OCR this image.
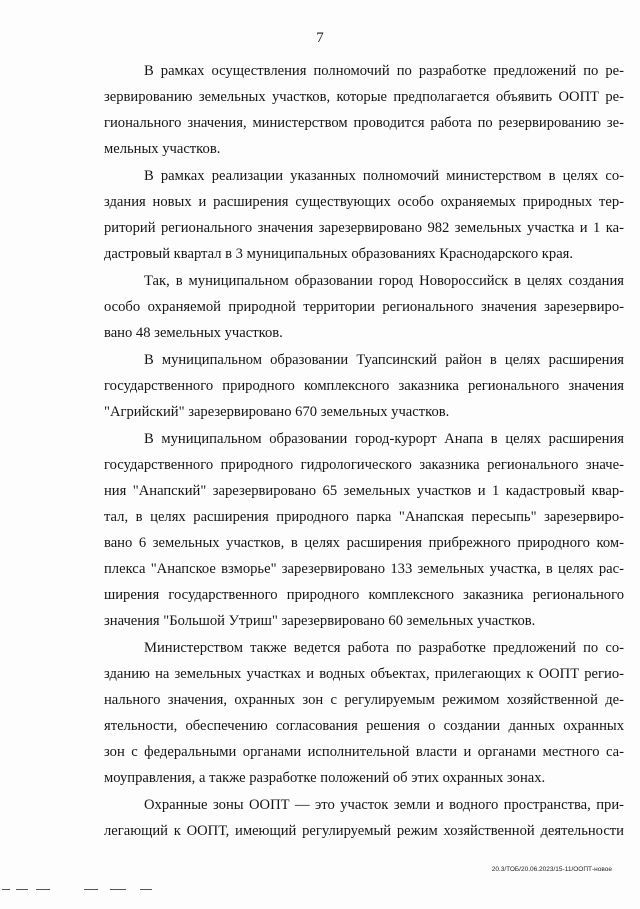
7
В рамках осуществления полномочий по разработке предложений по ре-
зервированию земельных участков, которые предполагается объявить ООПТ ре-
гионального значения, министерством проводится работа по резервированию зе-
мельных участков.
В рамках реализации указанных полномочий министерством в целях со-
здания новых и расширения существующих особо охраняемых природных тер-
риторий регионального значения зарезервировано 982 земельных участка и 1 ка-
дастровый квартал в 3 муниципальных образованиях Краснодарского края.
Так, в муниципальном образовании город Новороссийск в целях создания
особо охраняемой природной территории регионального значения зарезервиро-
вано 48 земельных участков.
В муниципальном образовании Туапсинский район в целях расширения
государственного природного комплексного заказника регионального значения
"Агрийский" зарезервировано 670 земельных участков.
В муниципальном образовании город-курорт Анапа в целях расширения
государственного природного гидрологического заказника регионального значе-
ния "Анапский" зарезервировано 65 земельных участков и 1 кадастровый квар-
тал, в целях расширения природного парка "Анапская пересыпь" зарезервиро-
вано 6 земельных участков, в целях расширения прибрежного природного ком-
плекса "Анапское взморье" зарезервировано 133 земельных участка, в целях рас-
ширения государственного природного комплексного заказника регионального
значения "Большой Утриш" зарезервировано 60 земельных участков.
Министерством также ведется работа по разработке предложений по со-
зданию на земельных участках и водных объектах, прилегающих к ООПТ регио-
нального значения, охранных зон с регулируемым режимом хозяйственной де-
ятельности, обеспечению согласования решения о создании данных охранных
зон с федеральными органами исполнительной власти и органами местного са-
моуправления, а также разработке положений об этих охранных зонах.
Охранные зоны ООПТ — это участок земли и водного пространства, при-
легающий к ООПТ, имеющий регулируемый режим хозяйственной деятельности
20.3/ТОБ/20.06.2023/15-11/ООПТ-новое
